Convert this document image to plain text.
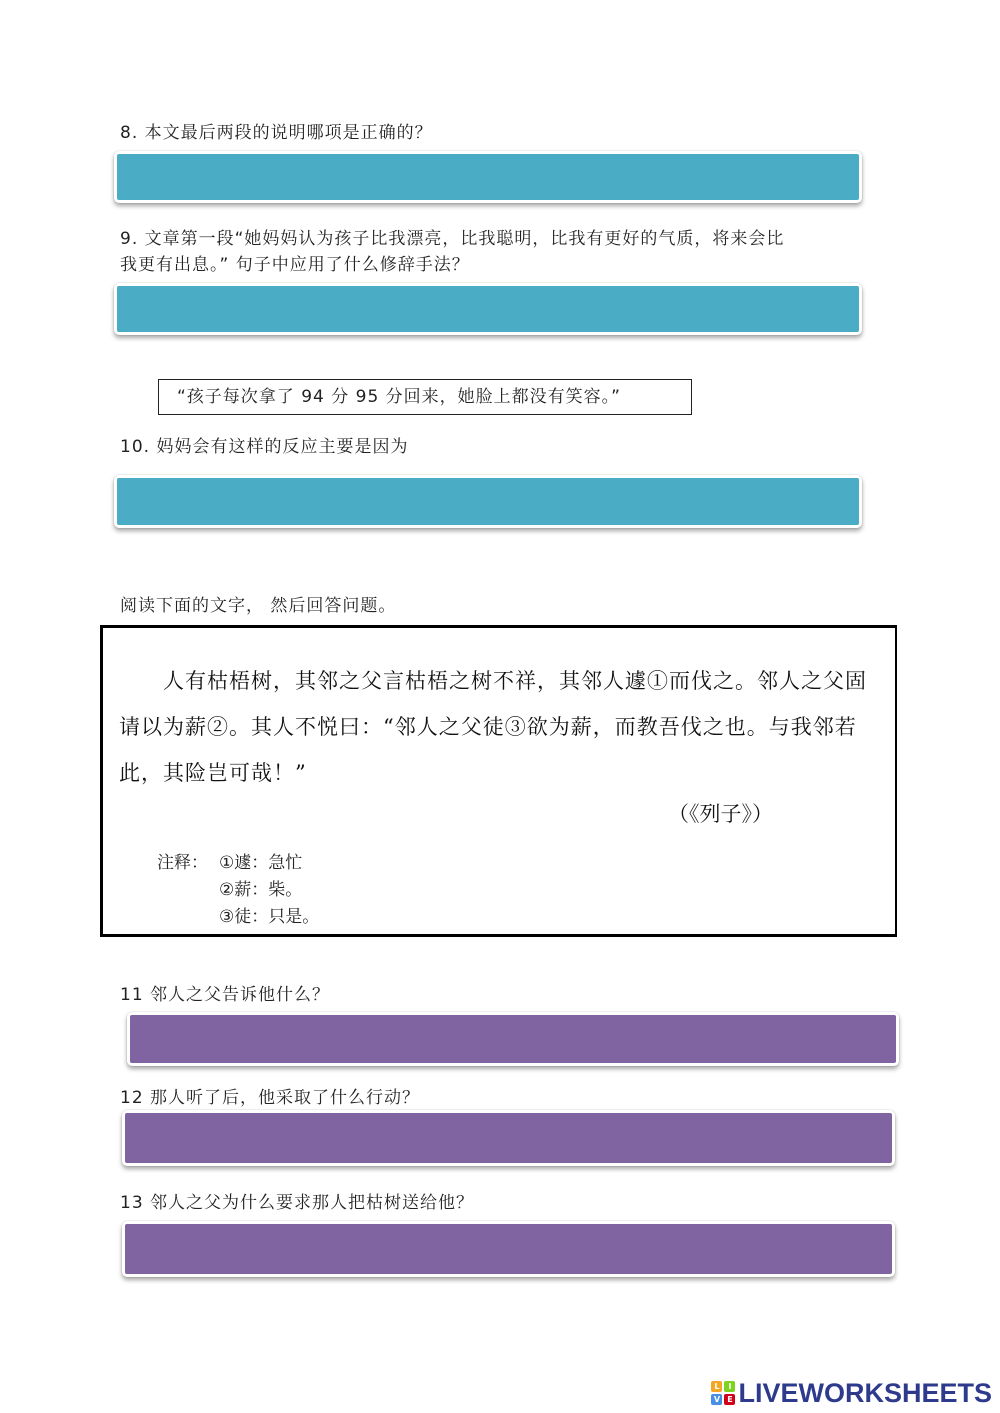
8. 本文最后两段的说明哪项是正确的？
9. 文章第一段“她妈妈认为孩子比我漂亮，比我聪明，比我有更好的气质，将来会比
我更有出息。” 句子中应用了什么修辞手法？
“孩子每次拿了 94 分 95 分回来，她脸上都没有笑容。”
10. 妈妈会有这样的反应主要是因为
阅读下面的文字， 然后回答问题。
人有枯梧树，其邻之父言枯梧之树不祥，其邻人遽①而伐之。邻人之父固请以为薪②。其人不悦曰：“邻人之父徒③欲为薪，而教吾伐之也。与我邻若此，其险岂可哉！”
（《列子》）
注释： ①遽：急忙
②薪：柴。
③徒：只是。
11 邻人之父告诉他什么？
12 那人听了后，他采取了什么行动？
13 邻人之父为什么要求那人把枯树送给他？
L	I
V E LIVEWORKSHEETS
